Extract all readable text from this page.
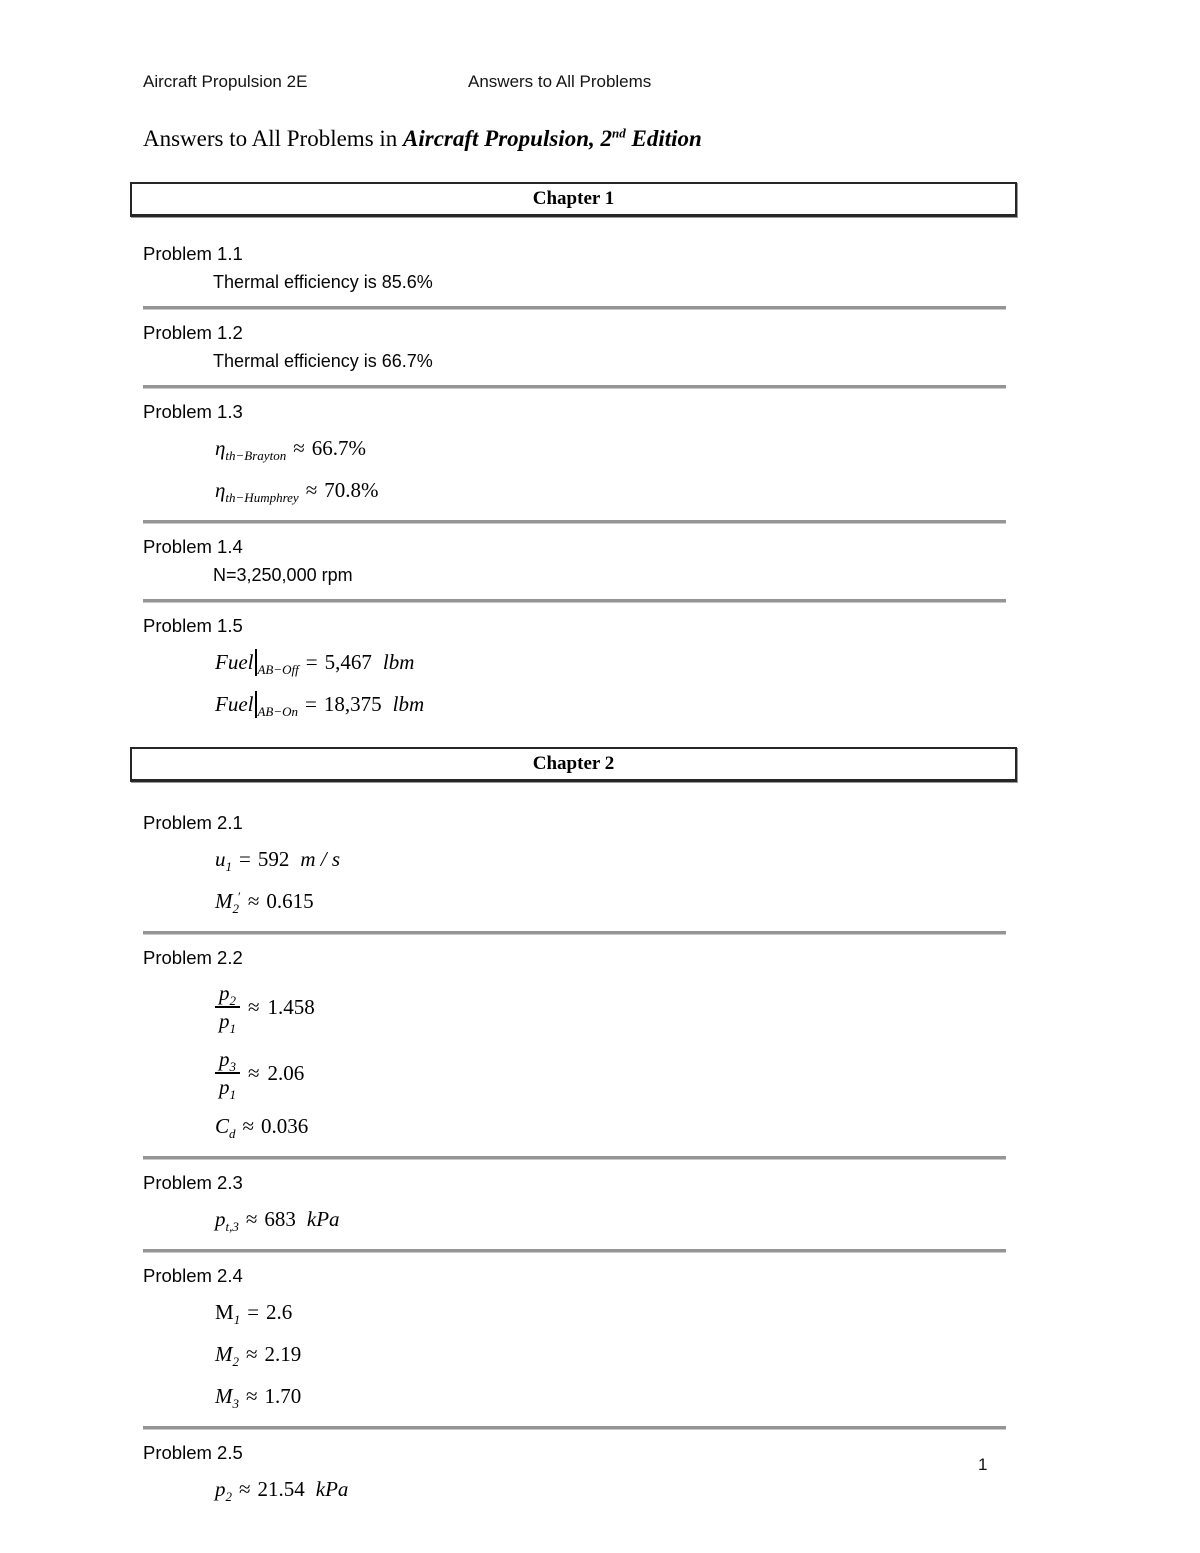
Aircraft Propulsion 2E	Answers to All Problems
Answers to All Problems in Aircraft Propulsion, 2nd Edition
Chapter 1
Problem 1.1
Thermal efficiency is 85.6%
Problem 1.2
Thermal efficiency is 66.7%
Problem 1.3
$\eta_{th-Brayton} \approx 66.7\%$
$\eta_{th-Humphrey} \approx 70.8\%$
Problem 1.4
N=3,250,000 rpm
Problem 1.5
Fuel $_{AB-Off}$ = 5,467 lbm
Fuel $_{AB-On}$ = 18,375 lbm
Chapter 2
Problem 2.1
$u_1 = 592$ m / s
$M_2' \approx 0.615$
Problem 2.2
$\frac{p_2}{p_1} \approx 1.458$
$\frac{p_3}{p_1} \approx 2.06$
$C_d \approx 0.036$
Problem 2.3
$p_{t,3} \approx 683$ kPa
Problem 2.4
$M_1 = 2.6$
$M_2 \approx 2.19$
$M_3 \approx 1.70$
Problem 2.5
$p_2 \approx 21.54$ kPa
1
